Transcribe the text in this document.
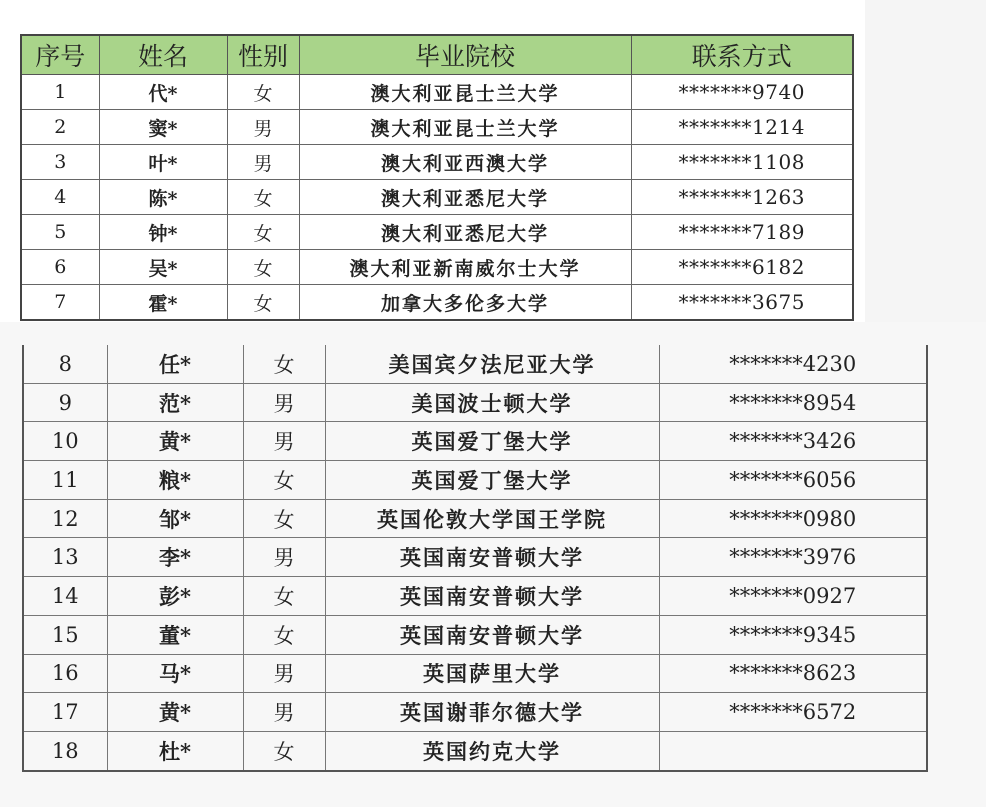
序号	姓名	性别	毕业院校	联系方式
1	代*	女	澳大利亚昆士兰大学	*******9740
2	窦*	男	澳大利亚昆士兰大学	*******1214
3	叶*	男	澳大利亚西澳大学	*******1108
4	陈*	女	澳大利亚悉尼大学	*******1263
5	钟*	女	澳大利亚悉尼大学	*******7189
6	吴*	女	澳大利亚新南威尔士大学	*******6182
7	霍*	女	加拿大多伦多大学	*******3675
8	任*	女	美国宾夕法尼亚大学	*******4230
9	范*	男	美国波士顿大学	*******8954
10	黄*	男	英国爱丁堡大学	*******3426
11	粮*	女	英国爱丁堡大学	*******6056
12	邹*	女	英国伦敦大学国王学院	*******0980
13	李*	男	英国南安普顿大学	*******3976
14	彭*	女	英国南安普顿大学	*******0927
15	董*	女	英国南安普顿大学	*******9345
16	马*	男	英国萨里大学	*******8623
17	黄*	男	英国谢菲尔德大学	*******6572
18	杜*	女	英国约克大学	
